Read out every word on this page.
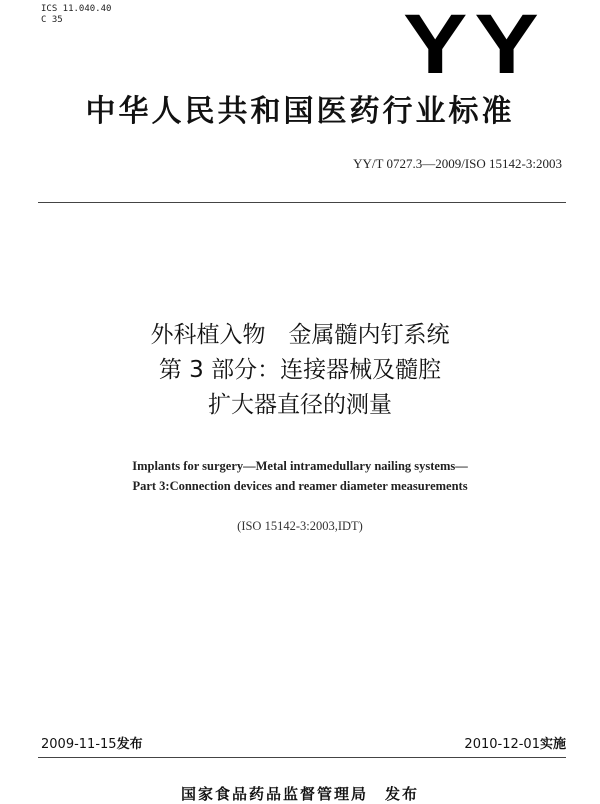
ICS 11.040.40
C 35	YY
中华人民共和国医药行业标准
YY/T 0727.3—2009/ISO 15142-3:2003
外科植入物　金属髓内钉系统
第 3 部分：连接器械及髓腔
扩大器直径的测量
Implants for surgery—Metal intramedullary nailing systems—
Part 3:Connection devices and reamer diameter measurements
(ISO 15142-3:2003,IDT)
2009-11-15发布	2010-12-01实施
国家食品药品监督管理局　发布
